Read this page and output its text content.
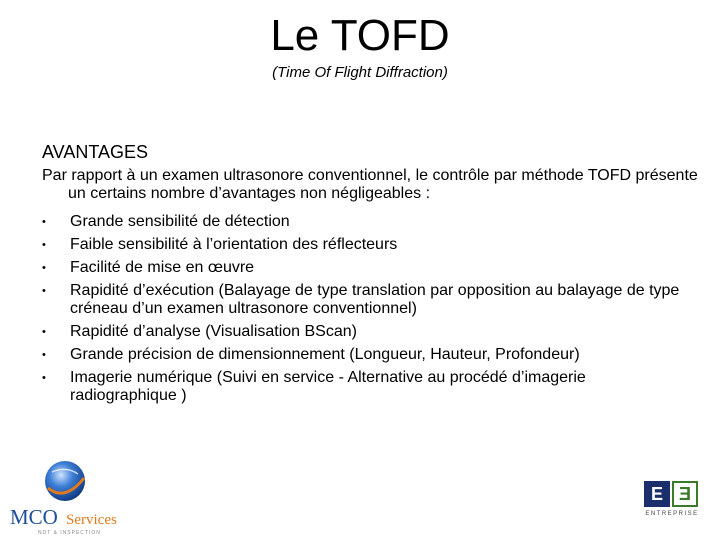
Le TOFD
(Time Of Flight Diffraction)
AVANTAGES
Par rapport à un examen ultrasonore conventionnel, le contrôle par méthode TOFD présente un certains nombre d’avantages non négligeables :
•	Grande sensibilité de détection
•	Faible sensibilité à l’orientation des réflecteurs
•	Facilité de mise en œuvre
•	Rapidité d’exécution (Balayage de type translation par opposition au balayage de type créneau d’un examen ultrasonore conventionnel)
•	Rapidité d’analyse (Visualisation BScan)
•	Grande précision de dimensionnement (Longueur, Hauteur, Profondeur)
•	Imagerie numérique (Suivi en service - Alternative au procédé d’imagerie radiographique )
MCO Services
NDT & INSPECTION
E Ǝ
ENTREPRISE
